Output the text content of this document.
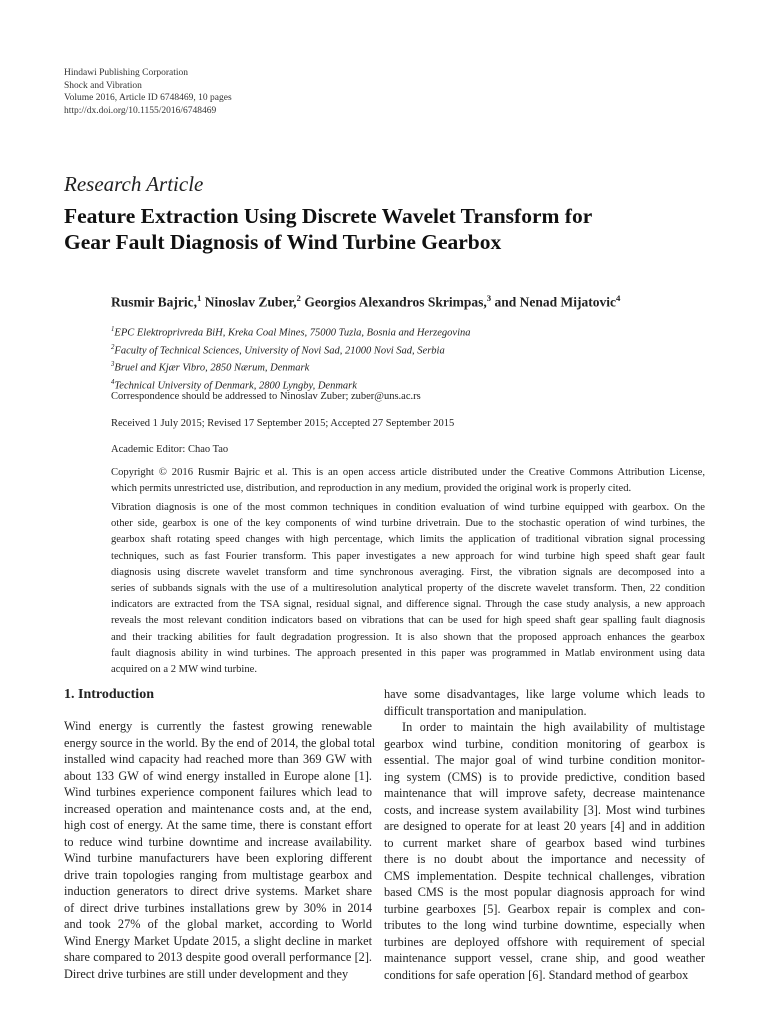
Hindawi Publishing Corporation
Shock and Vibration
Volume 2016, Article ID 6748469, 10 pages
http://dx.doi.org/10.1155/2016/6748469
Research Article
Feature Extraction Using Discrete Wavelet Transform for
Gear Fault Diagnosis of Wind Turbine Gearbox
Rusmir Bajric,$^1$ Ninoslav Zuber,$^2$ Georgios Alexandros Skrimpas,$^3$ and Nenad Mijatovic$^4$
$^1$EPC Elektroprivreda BiH, Kreka Coal Mines, 75000 Tuzla, Bosnia and Herzegovina
$^2$Faculty of Technical Sciences, University of Novi Sad, 21000 Novi Sad, Serbia
$^3$Bruel and Kjær Vibro, 2850 Nærum, Denmark
$^4$Technical University of Denmark, 2800 Lyngby, Denmark
Correspondence should be addressed to Ninoslav Zuber; zuber@uns.ac.rs
Received 1 July 2015; Revised 17 September 2015; Accepted 27 September 2015
Academic Editor: Chao Tao
Copyright © 2016 Rusmir Bajric et al. This is an open access article distributed under the Creative Commons Attribution License,
which permits unrestricted use, distribution, and reproduction in any medium, provided the original work is properly cited.
Vibration diagnosis is one of the most common techniques in condition evaluation of wind turbine equipped with gearbox. On the
other side, gearbox is one of the key components of wind turbine drivetrain. Due to the stochastic operation of wind turbines, the
gearbox shaft rotating speed changes with high percentage, which limits the application of traditional vibration signal processing
techniques, such as fast Fourier transform. This paper investigates a new approach for wind turbine high speed shaft gear fault
diagnosis using discrete wavelet transform and time synchronous averaging. First, the vibration signals are decomposed into a
series of subbands signals with the use of a multiresolution analytical property of the discrete wavelet transform. Then, 22 condition
indicators are extracted from the TSA signal, residual signal, and difference signal. Through the case study analysis, a new approach
reveals the most relevant condition indicators based on vibrations that can be used for high speed shaft gear spalling fault diagnosis
and their tracking abilities for fault degradation progression. It is also shown that the proposed approach enhances the gearbox
fault diagnosis ability in wind turbines. The approach presented in this paper was programmed in Matlab environment using data
acquired on a 2 MW wind turbine.
1. Introduction
Wind energy is currently the fastest growing renewable
energy source in the world. By the end of 2014, the global total
installed wind capacity had reached more than 369 GW with
about 133 GW of wind energy installed in Europe alone [1].
Wind turbines experience component failures which lead to
increased operation and maintenance costs and, at the end,
high cost of energy. At the same time, there is constant effort
to reduce wind turbine downtime and increase availability.
Wind turbine manufacturers have been exploring different
drive train topologies ranging from multistage gearbox and
induction generators to direct drive systems. Market share
of direct drive turbines installations grew by 30% in 2014
and took 27% of the global market, according to World
Wind Energy Market Update 2015, a slight decline in market
share compared to 2013 despite good overall performance [2].
Direct drive turbines are still under development and they
have some disadvantages, like large volume which leads to
difficult transportation and manipulation.
In order to maintain the high availability of multistage
gearbox wind turbine, condition monitoring of gearbox is
essential. The major goal of wind turbine condition monitor-
ing system (CMS) is to provide predictive, condition based
maintenance that will improve safety, decrease maintenance
costs, and increase system availability [3]. Most wind turbines
are designed to operate for at least 20 years [4] and in addition
to current market share of gearbox based wind turbines
there is no doubt about the importance and necessity of
CMS implementation. Despite technical challenges, vibration
based CMS is the most popular diagnosis approach for wind
turbine gearboxes [5]. Gearbox repair is complex and con-
tributes to the long wind turbine downtime, especially when
turbines are deployed offshore with requirement of special
maintenance support vessel, crane ship, and good weather
conditions for safe operation [6]. Standard method of gearbox
